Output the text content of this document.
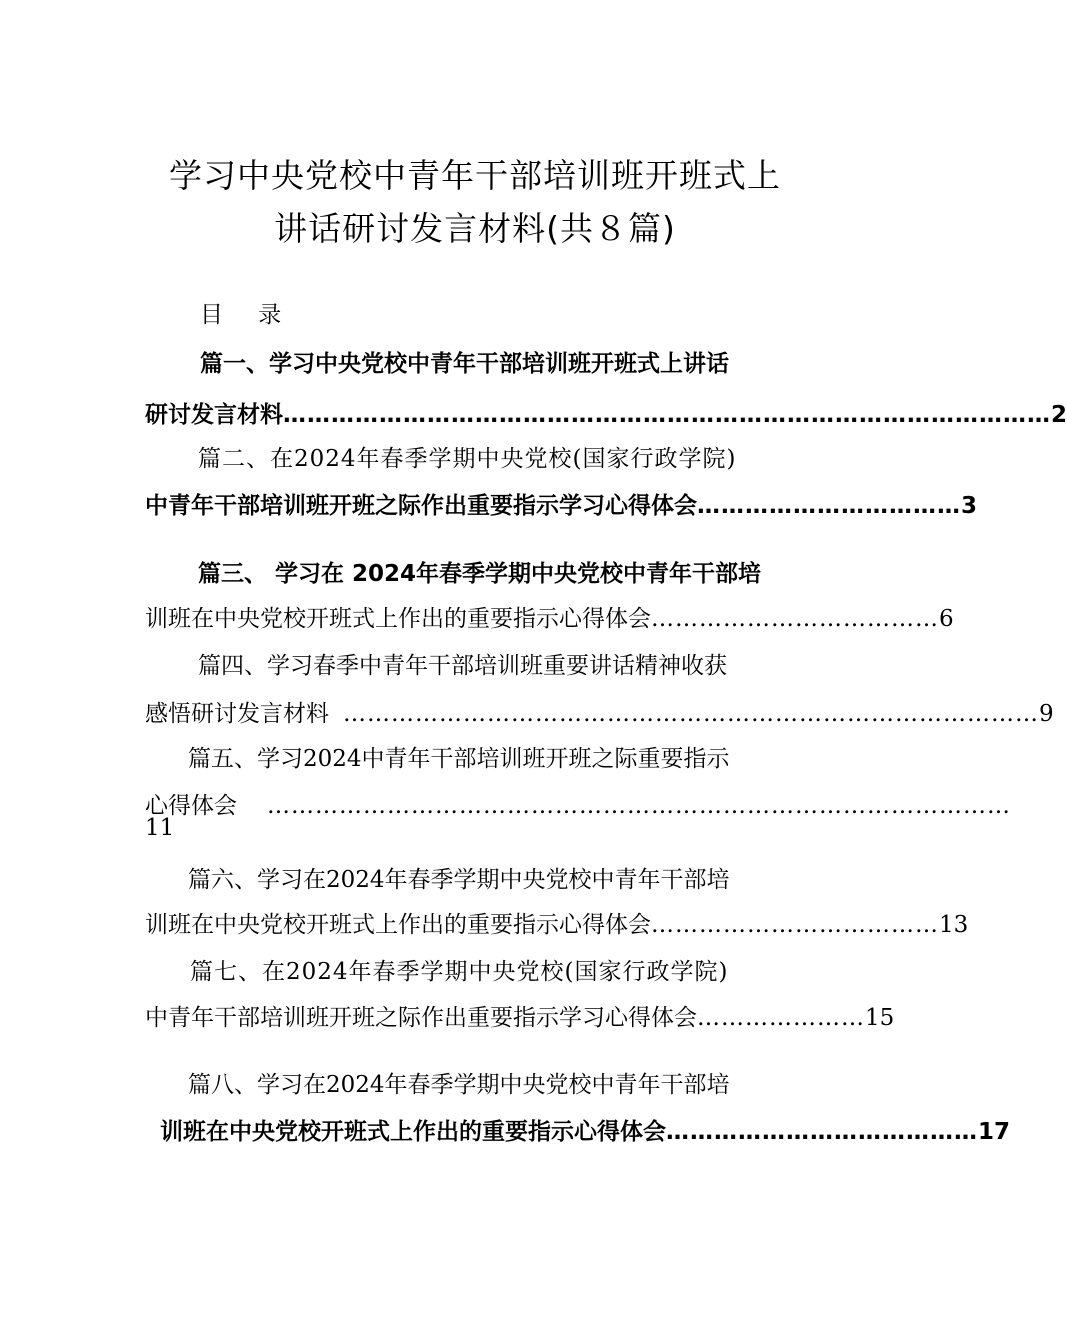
学习中央党校中青年干部培训班开班式上
讲话研讨发言材料(共８篇)
目 录
篇一、学习中央党校中青年干部培训班开班式上讲话
研讨发言材料 …………………………………………………………………………………… 2
篇二、在2024年春季学期中央党校(国家行政学院)
中青年干部培训班开班之际作出重要指示学习心得体会 …………………………… 3
篇三、 学习在 2024年春季学期中央党校中青年干部培
训班在中央党校开班式上作出的重要指示心得体会 ……………………………… 6
篇四、学习春季中青年干部培训班重要讲话精神收获
感悟研讨发言材料 …………………………………………………………………………… 9
篇五、学习2024中青年干部培训班开班之际重要指示
心得体会 …………………………………………………………………………………
11
篇六、学习在2024年春季学期中央党校中青年干部培
训班在中央党校开班式上作出的重要指示心得体会 ……………………………… 13
篇七、在2024年春季学期中央党校(国家行政学院)
中青年干部培训班开班之际作出重要指示学习心得体会 ………………… 15
篇八、学习在2024年春季学期中央党校中青年干部培
训班在中央党校开班式上作出的重要指示心得体会 ………………………………… 17
